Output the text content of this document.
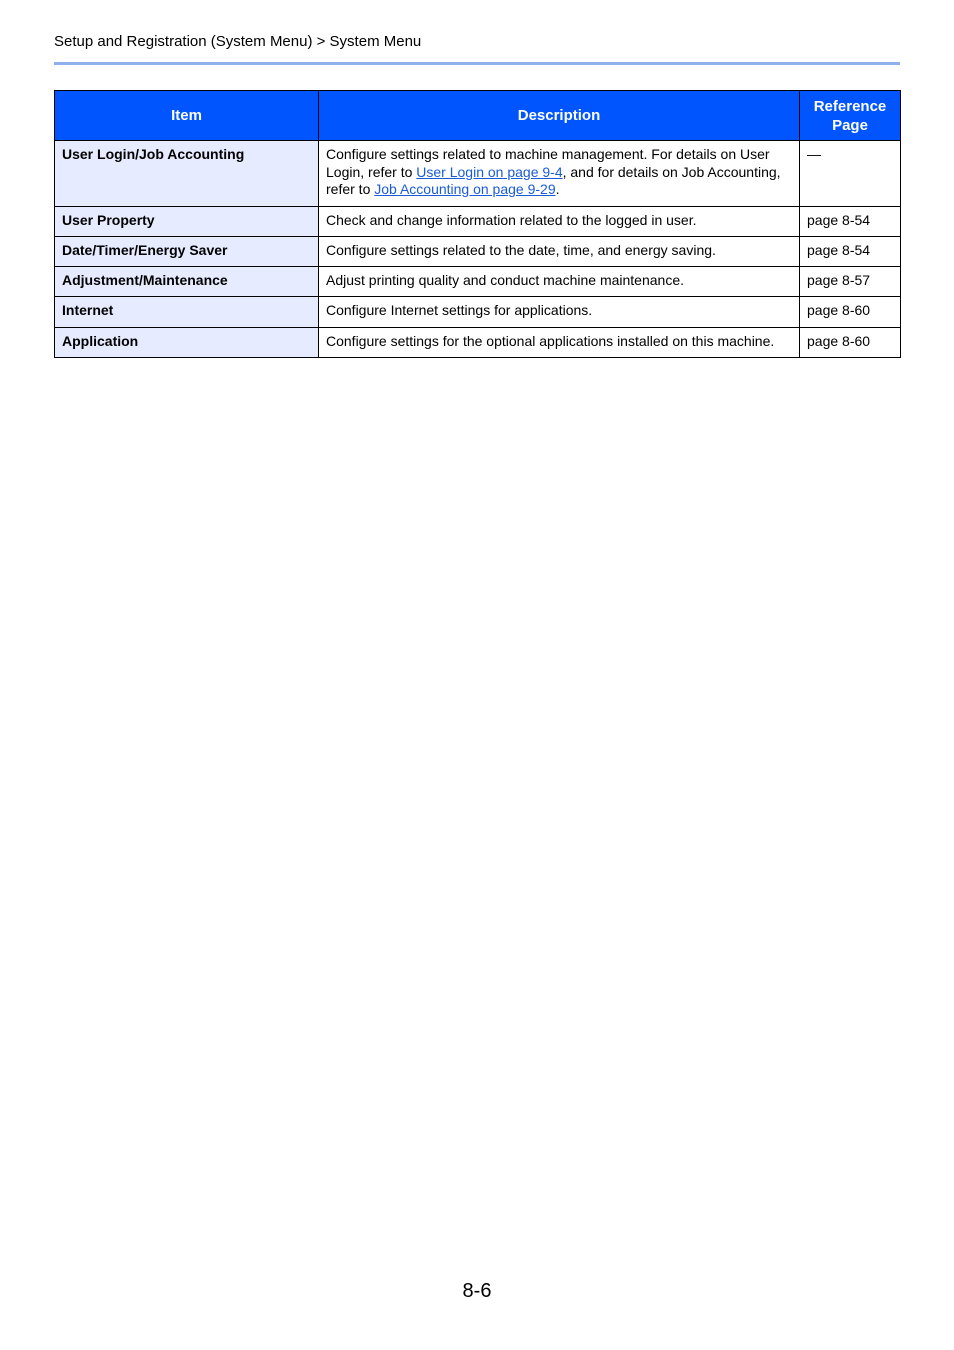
Setup and Registration (System Menu) > System Menu
Item	Description	Reference
Page
User Login/Job Accounting	Configure settings related to machine management. For details on User Login, refer to User Login on page 9-4, and for details on Job Accounting, refer to Job Accounting on page 9-29.	—
User Property	Check and change information related to the logged in user.	page 8-54
Date/Timer/Energy Saver	Configure settings related to the date, time, and energy saving.	page 8-54
Adjustment/Maintenance	Adjust printing quality and conduct machine maintenance.	page 8-57
Internet	Configure Internet settings for applications.	page 8-60
Application	Configure settings for the optional applications installed on this machine.	page 8-60
8-6
